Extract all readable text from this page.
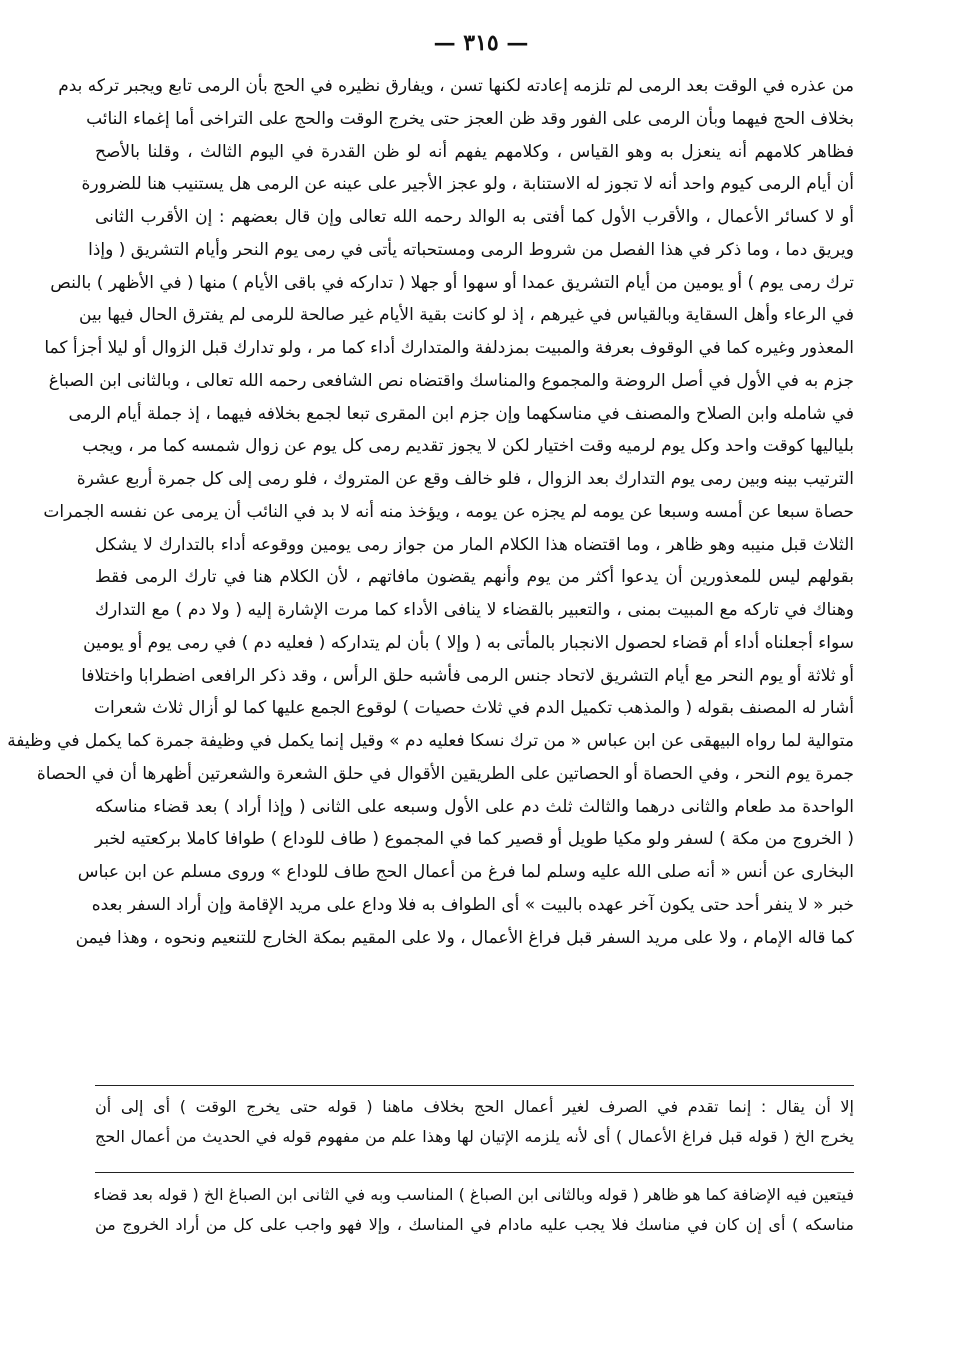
— ٣١٥ —
من عذره في الوقت بعد الرمى لم تلزمه إعادته لكنها تسن ، ويفارق نظيره في الحج بأن الرمى تابع ويجبر تركه بدم
بخلاف الحج فيهما وبأن الرمى على الفور وقد ظن العجز حتى يخرج الوقت والحج على التراخى أما إغماء النائب
فظاهر كلامهم أنه ينعزل به وهو القياس ، وكلامهم يفهم أنه لو ظن القدرة في اليوم الثالث ، وقلنا بالأصح
أن أيام الرمى كيوم واحد أنه لا تجوز له الاستنابة ، ولو عجز الأجير على عينه عن الرمى هل يستنيب هنا للضرورة
أو لا كسائر الأعمال ، والأقرب الأول كما أفتى به الوالد رحمه الله تعالى وإن قال بعضهم : إن الأقرب الثانى
ويريق دما ، وما ذكر في هذا الفصل من شروط الرمى ومستحباته يأتى في رمى يوم النحر وأيام التشريق ( وإذا
ترك رمى يوم ) أو يومين من أيام التشريق عمدا أو سهوا أو جهلا ( تداركه في باقى الأيام ) منها ( في الأظهر ) بالنص
في الرعاء وأهل السقاية وبالقياس في غيرهم ، إذ لو كانت بقية الأيام غير صالحة للرمى لم يفترق الحال فيها بين
المعذور وغيره كما في الوقوف بعرفة والمبيت بمزدلفة والمتدارك أداء كما مر ، ولو تدارك قبل الزوال أو ليلا أجزأ كما
جزم به في الأول في أصل الروضة والمجموع والمناسك واقتضاه نص الشافعى رحمه الله تعالى ، وبالثانى ابن الصباغ
في شامله وابن الصلاح والمصنف في مناسكهما وإن جزم ابن المقرى تبعا لجمع بخلافه فيهما ، إذ جملة أيام الرمى
بلياليها كوقت واحد وكل يوم لرميه وقت اختيار لكن لا يجوز تقديم رمى كل يوم عن زوال شمسه كما مر ، ويجب
الترتيب بينه وبين رمى يوم التدارك بعد الزوال ، فلو خالف وقع عن المتروك ، فلو رمى إلى كل جمرة أربع عشرة
حصاة سبعا عن أمسه وسبعا عن يومه لم يجزه عن يومه ، ويؤخذ منه أنه لا بد في النائب أن يرمى عن نفسه الجمرات
الثلاث قبل منيبه وهو ظاهر ، وما اقتضاه هذا الكلام المار من جواز رمى يومين ووقوعه أداء بالتدارك لا يشكل
بقولهم ليس للمعذورين أن يدعوا أكثر من يوم وأنهم يقضون مافاتهم ، لأن الكلام هنا في تارك الرمى فقط
وهناك في تاركه مع المبيت بمنى ، والتعبير بالقضاء لا ينافى الأداء كما مرت الإشارة إليه ( ولا دم ) مع التدارك
سواء أجعلناه أداء أم قضاء لحصول الانجبار بالمأتى به ( وإلا ) بأن لم يتداركه ( فعليه دم ) في رمى يوم أو يومين
أو ثلاثة أو يوم النحر مع أيام التشريق لاتحاد جنس الرمى فأشبه حلق الرأس ، وقد ذكر الرافعى اضطرابا واختلافا
أشار له المصنف بقوله ( والمذهب تكميل الدم في ثلاث حصيات ) لوقوع الجمع عليها كما لو أزال ثلاث شعرات
متوالية لما رواه البيهقى عن ابن عباس « من ترك نسكا فعليه دم » وقيل إنما يكمل في وظيفة جمرة كما يكمل في وظيفة
جمرة يوم النحر ، وفي الحصاة أو الحصاتين على الطريقين الأقوال في حلق الشعرة والشعرتين أظهرها أن في الحصاة
الواحدة مد طعام والثانى درهما والثالث ثلث دم على الأول وسبعه على الثانى ( وإذا أراد ) بعد قضاء مناسكه
( الخروج من مكة ) لسفر ولو مكيا طويل أو قصير كما في المجموع ( طاف للوداع ) طوافا كاملا بركعتيه لخبر
البخارى عن أنس « أنه صلى الله عليه وسلم لما فرغ من أعمال الحج طاف للوداع » وروى مسلم عن ابن عباس
خبر « لا ينفر أحد حتى يكون آخر عهده بالبيت » أى الطواف به فلا وداع على مريد الإقامة وإن أراد السفر بعده
كما قاله الإمام ، ولا على مريد السفر قبل فراغ الأعمال ، ولا على المقيم بمكة الخارج للتنعيم ونحوه ، وهذا فيمن
إلا أن يقال : إنما تقدم في الصرف لغير أعمال الحج بخلاف ماهنا ( قوله حتى يخرج الوقت ) أى إلى أن
يخرج الخ ( قوله قبل فراغ الأعمال ) أى لأنه يلزمه الإتيان لها وهذا علم من مفهوم قوله في الحديث من أعمال الحج
فيتعين فيه الإضافة كما هو ظاهر ( قوله وبالثانى ابن الصباغ ) المناسب وبه في الثانى ابن الصباغ الخ ( قوله بعد قضاء
مناسكه ) أى إن كان في مناسك فلا يجب عليه مادام في المناسك ، وإلا فهو واجب على كل من أراد الخروج من
